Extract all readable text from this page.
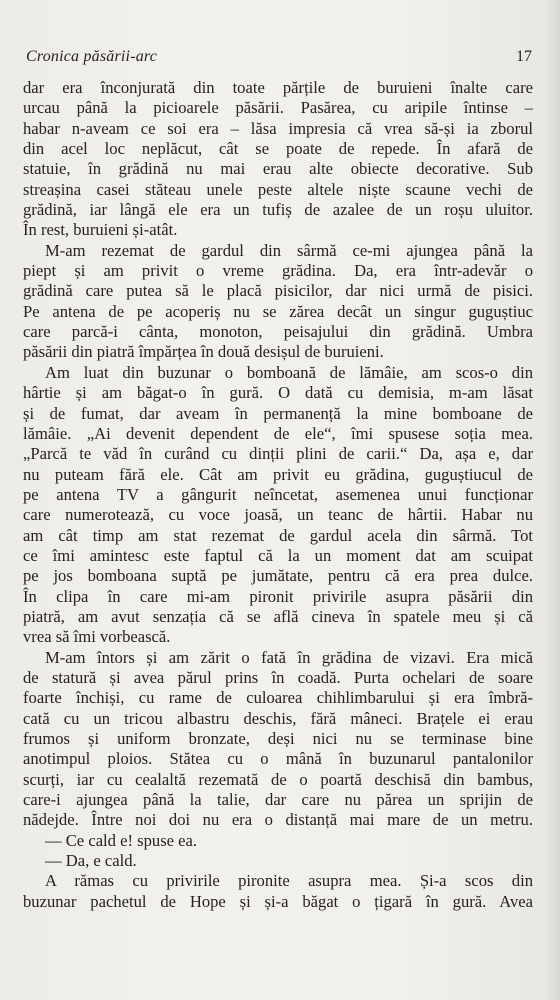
Cronica păsării-arc	17
dar era înconjurată din toate părțile de buruieni înalte care
urcau până la picioarele păsării. Pasărea, cu aripile întinse –
habar n-aveam ce soi era – lăsa impresia că vrea să-și ia zborul
din acel loc neplăcut, cât se poate de repede. În afară de
statuie, în grădină nu mai erau alte obiecte decorative. Sub
streașina casei stăteau unele peste altele niște scaune vechi de
grădină, iar lângă ele era un tufiș de azalee de un roșu uluitor.
În rest, buruieni și-atât.
M-am rezemat de gardul din sârmă ce-mi ajungea până la
piept și am privit o vreme grădina. Da, era într-adevăr o
grădină care putea să le placă pisicilor, dar nici urmă de pisici.
Pe antena de pe acoperiș nu se zărea decât un singur guguștiuc
care parcă-i cânta, monoton, peisajului din grădină. Umbra
păsării din piatră împărțea în două desișul de buruieni.
Am luat din buzunar o bomboană de lămâie, am scos-o din
hârtie și am băgat-o în gură. O dată cu demisia, m-am lăsat
și de fumat, dar aveam în permanență la mine bomboane de
lămâie. „Ai devenit dependent de ele“, îmi spusese soția mea.
„Parcă te văd în curând cu dinții plini de carii.“ Da, așa e, dar
nu puteam fără ele. Cât am privit eu grădina, guguștiucul de
pe antena TV a gângurit neîncetat, asemenea unui funcționar
care numerotează, cu voce joasă, un teanc de hârtii. Habar nu
am cât timp am stat rezemat de gardul acela din sârmă. Tot
ce îmi amintesc este faptul că la un moment dat am scuipat
pe jos bomboana suptă pe jumătate, pentru că era prea dulce.
În clipa în care mi-am pironit privirile asupra păsării din
piatră, am avut senzația că se află cineva în spatele meu și că
vrea să îmi vorbească.
M-am întors și am zărit o fată în grădina de vizavi. Era mică
de statură și avea părul prins în coadă. Purta ochelari de soare
foarte închiși, cu rame de culoarea chihlimbarului și era îmbră-
cată cu un tricou albastru deschis, fără mâneci. Brațele ei erau
frumos și uniform bronzate, deși nici nu se terminase bine
anotimpul ploios. Stătea cu o mână în buzunarul pantalonilor
scurți, iar cu cealaltă rezemată de o poartă deschisă din bambus,
care-i ajungea până la talie, dar care nu părea un sprijin de
nădejde. Între noi doi nu era o distanță mai mare de un metru.
— Ce cald e! spuse ea.
— Da, e cald.
A rămas cu privirile pironite asupra mea. Și-a scos din
buzunar pachetul de Hope și și-a băgat o țigară în gură. Avea
